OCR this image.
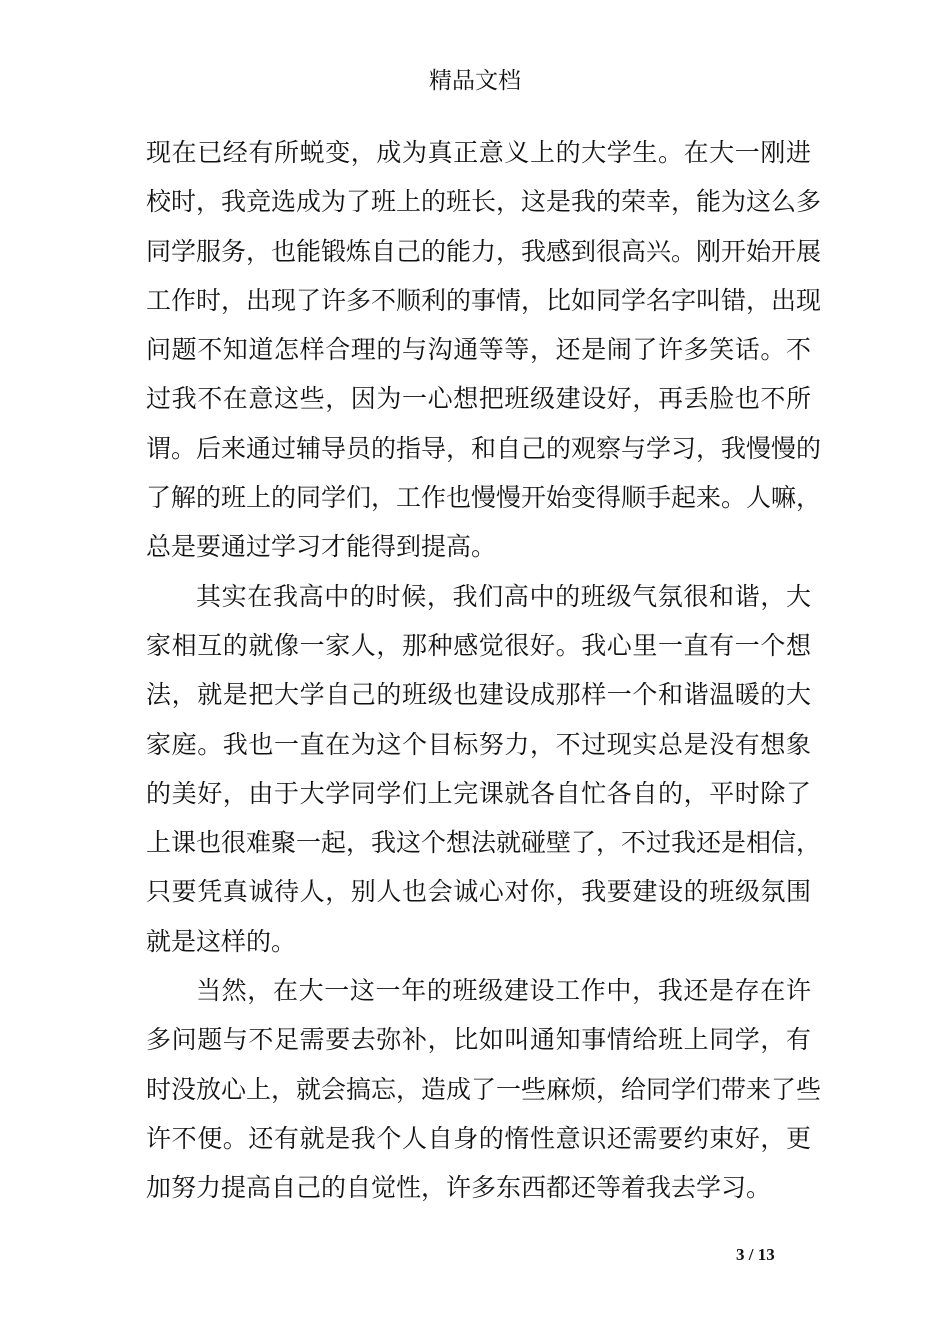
精品文档
现在已经有所蜕变，成为真正意义上的大学生。在大一刚进
校时，我竞选成为了班上的班长，这是我的荣幸，能为这么多
同学服务，也能锻炼自己的能力，我感到很高兴。刚开始开展
工作时，出现了许多不顺利的事情，比如同学名字叫错，出现
问题不知道怎样合理的与沟通等等，还是闹了许多笑话。不
过我不在意这些，因为一心想把班级建设好，再丢脸也不所
谓。后来通过辅导员的指导，和自己的观察与学习，我慢慢的
了解的班上的同学们，工作也慢慢开始变得顺手起来。人嘛，
总是要通过学习才能得到提高。
其实在我高中的时候，我们高中的班级气氛很和谐，大
家相互的就像一家人，那种感觉很好。我心里一直有一个想
法，就是把大学自己的班级也建设成那样一个和谐温暖的大
家庭。我也一直在为这个目标努力，不过现实总是没有想象
的美好，由于大学同学们上完课就各自忙各自的，平时除了
上课也很难聚一起，我这个想法就碰壁了，不过我还是相信，
只要凭真诚待人，别人也会诚心对你，我要建设的班级氛围
就是这样的。
当然，在大一这一年的班级建设工作中，我还是存在许
多问题与不足需要去弥补，比如叫通知事情给班上同学，有
时没放心上，就会搞忘，造成了一些麻烦，给同学们带来了些
许不便。还有就是我个人自身的惰性意识还需要约束好，更
加努力提高自己的自觉性，许多东西都还等着我去学习。
3 / 13
